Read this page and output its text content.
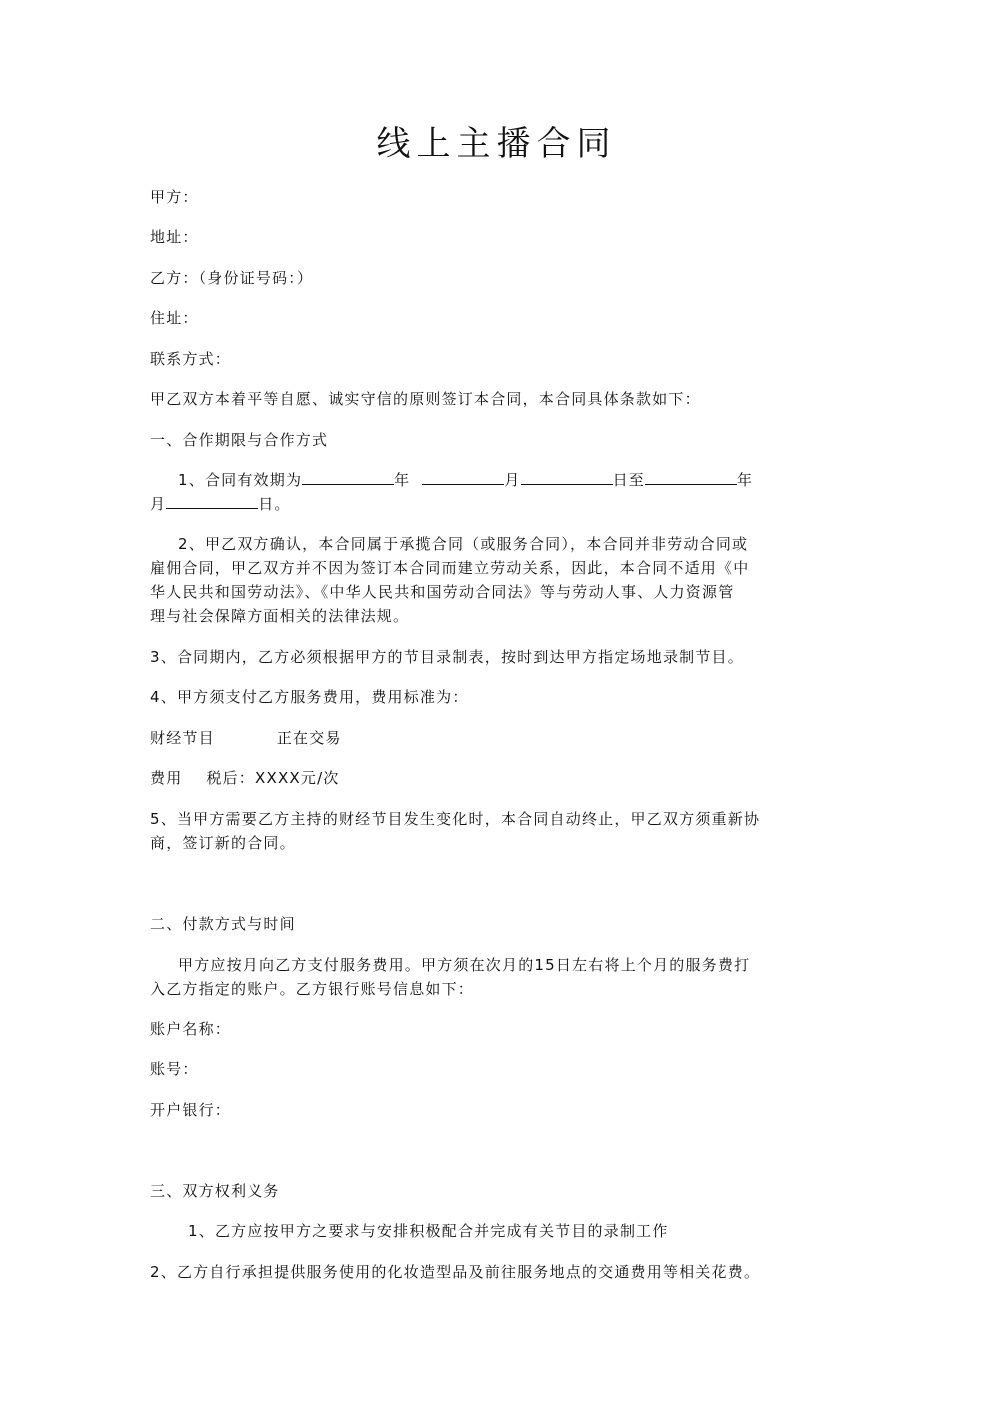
线上主播合同
甲方：
地址：
乙方：（身份证号码：）
住址：
联系方式：
甲乙双方本着平等自愿、诚实守信的原则签订本合同，本合同具体条款如下：
一、合作期限与合作方式
1、合同有效期为	年	月	日至	年
月	日。
2、甲乙双方确认，本合同属于承揽合同（或服务合同），本合同并非劳动合同或
雇佣合同，甲乙双方并不因为签订本合同而建立劳动关系，因此，本合同不适用《中
华人民共和国劳动法》、《中华人民共和国劳动合同法》等与劳动人事、人力资源管
理与社会保障方面相关的法律法规。
3、合同期内，乙方必须根据甲方的节目录制表，按时到达甲方指定场地录制节目。
4、甲方须支付乙方服务费用，费用标准为：
财经节目	正在交易
费用 税后：XXXX元/次
5、当甲方需要乙方主持的财经节目发生变化时，本合同自动终止，甲乙双方须重新协
商，签订新的合同。
二、付款方式与时间
甲方应按月向乙方支付服务费用。甲方须在次月的15日左右将上个月的服务费打
入乙方指定的账户。乙方银行账号信息如下：
账户名称：
账号：
开户银行：
三、双方权利义务
1、乙方应按甲方之要求与安排积极配合并完成有关节目的录制工作
2、乙方自行承担提供服务使用的化妆造型品及前往服务地点的交通费用等相关花费。
